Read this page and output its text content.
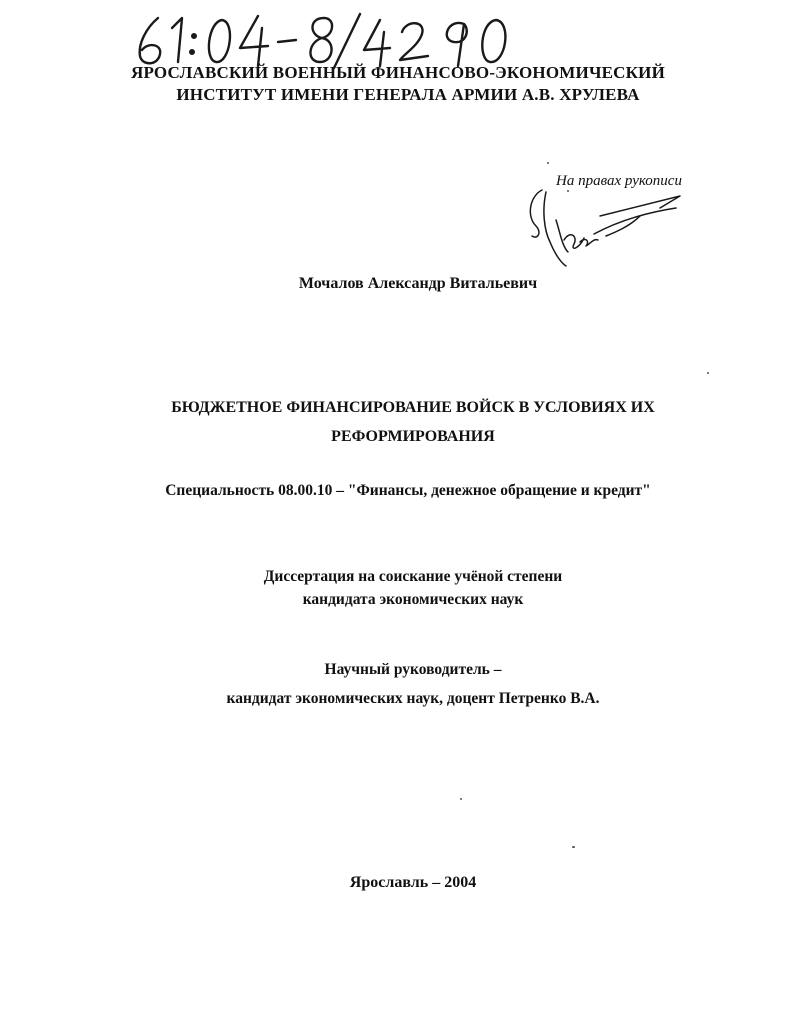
ЯРОСЛАВСКИЙ ВОЕННЫЙ ФИНАНСОВО-ЭКОНОМИЧЕСКИЙ
ИНСТИТУТ ИМЕНИ ГЕНЕРАЛА АРМИИ А.В. ХРУЛЕВА
На правах рукописи
Мочалов Александр Витальевич
БЮДЖЕТНОЕ ФИНАНСИРОВАНИЕ ВОЙСК В УСЛОВИЯХ ИХ
РЕФОРМИРОВАНИЯ
Специальность 08.00.10 – "Финансы, денежное обращение и кредит"
Диссертация на соискание учёной степени
кандидата экономических наук
Научный руководитель –
кандидат экономических наук, доцент Петренко В.А.
Ярославль – 2004
